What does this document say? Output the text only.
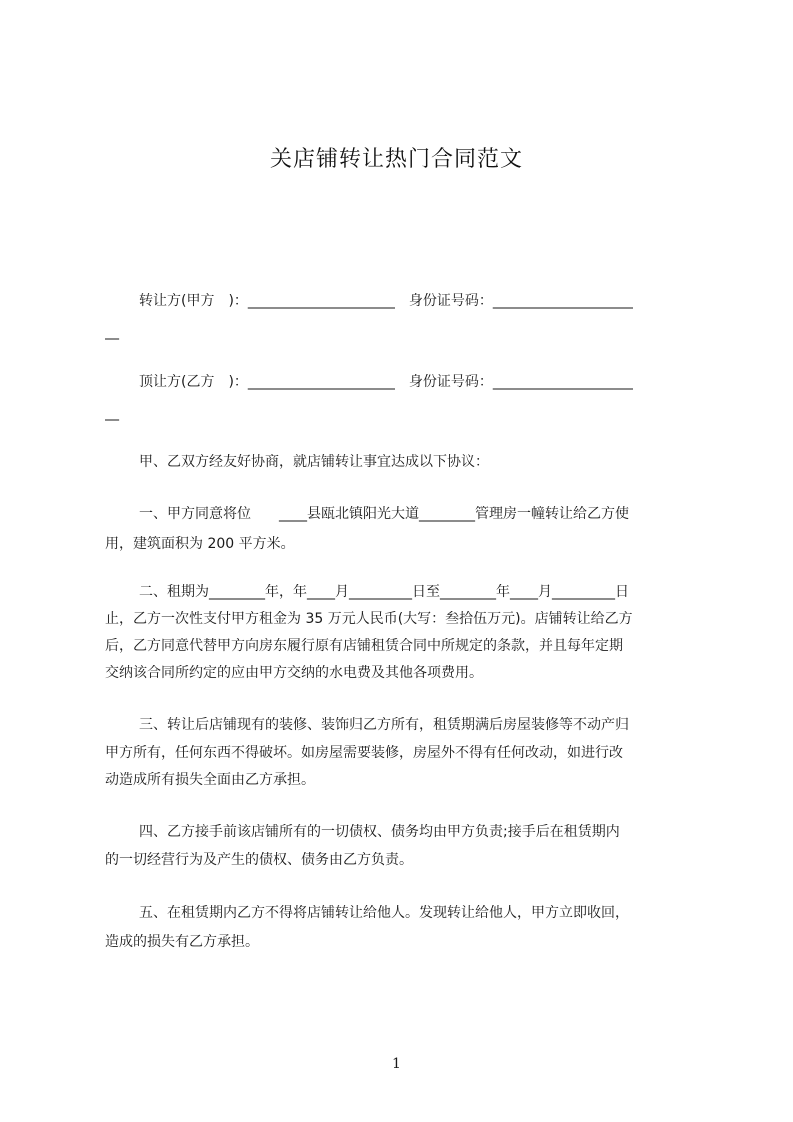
关店铺转让热门合同范文
转让方(甲方　)：_____________________　身份证号码：____________________
__
顶让方(乙方　)：_____________________　身份证号码：____________________
__
甲、乙双方经友好协商，就店铺转让事宜达成以下协议：
一、甲方同意将位　　____县瓯北镇阳光大道________管理房一幢转让给乙方使
用，建筑面积为 200 平方米。
二、租期为________年，年____月_________日至________年____月_________日
止，乙方一次性支付甲方租金为 35 万元人民币(大写：叁拾伍万元)。店铺转让给乙方
后，乙方同意代替甲方向房东履行原有店铺租赁合同中所规定的条款，并且每年定期
交纳该合同所约定的应由甲方交纳的水电费及其他各项费用。
三、转让后店铺现有的装修、装饰归乙方所有，租赁期满后房屋装修等不动产归
甲方所有，任何东西不得破坏。如房屋需要装修，房屋外不得有任何改动，如进行改
动造成所有损失全面由乙方承担。
四、乙方接手前该店铺所有的一切债权、债务均由甲方负责;接手后在租赁期内
的一切经营行为及产生的债权、债务由乙方负责。
五、在租赁期内乙方不得将店铺转让给他人。发现转让给他人，甲方立即收回，
造成的损失有乙方承担。
1
